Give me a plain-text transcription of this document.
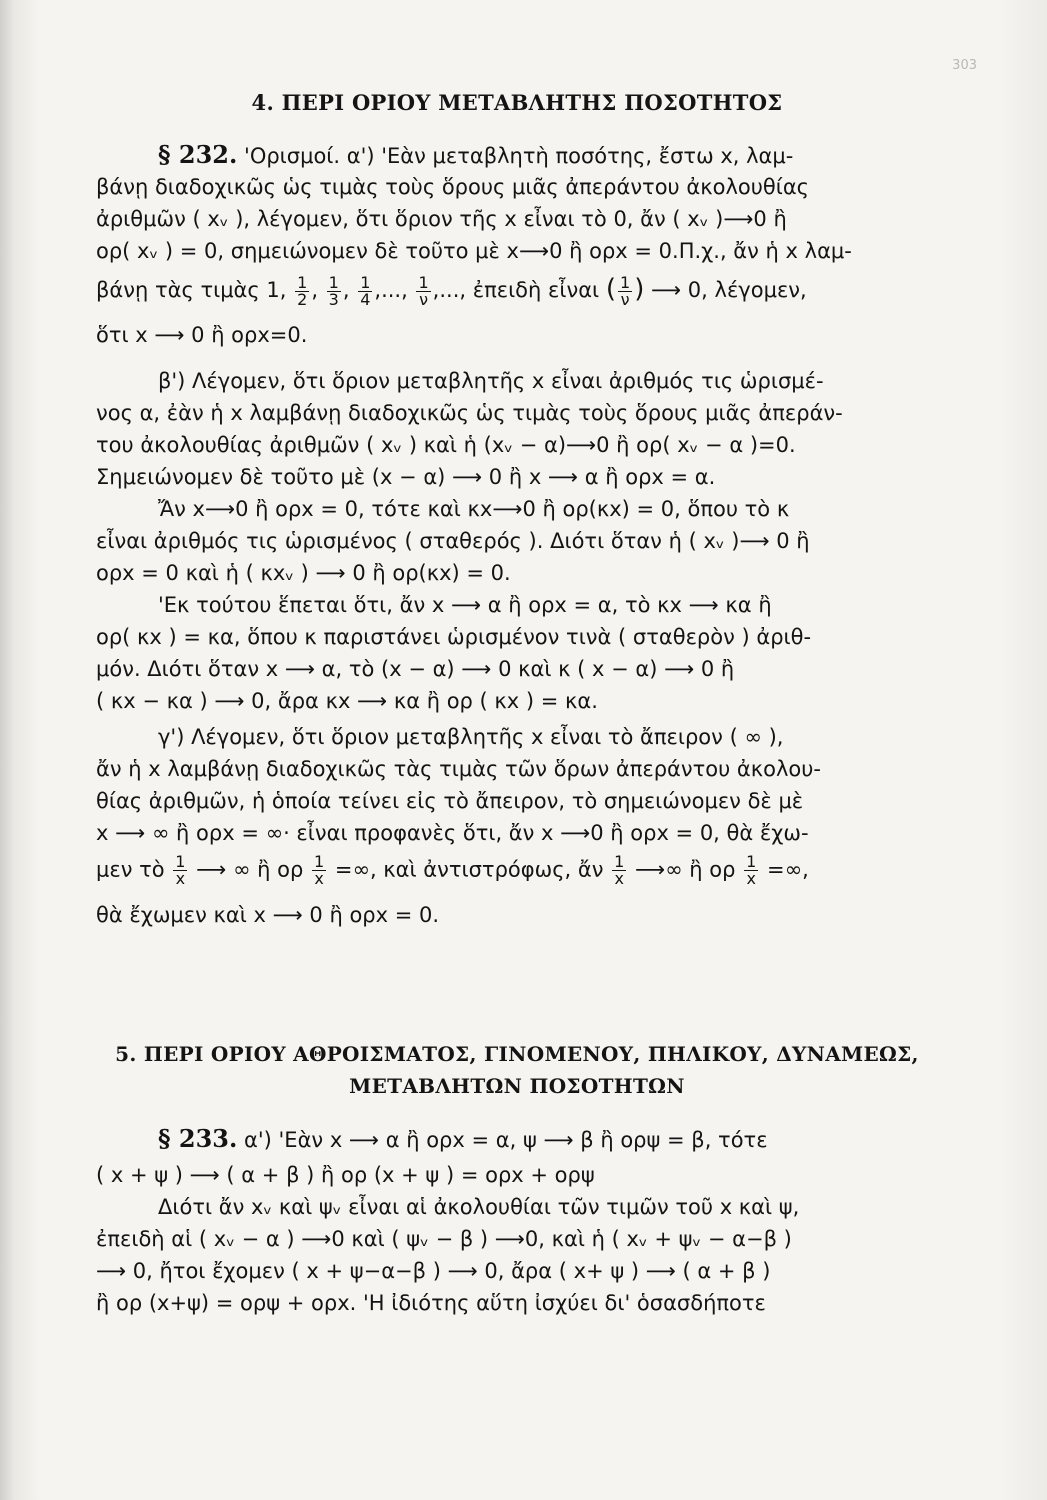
303
4. ΠΕΡΙ ΟΡΙΟΥ ΜΕΤΑΒΛΗΤΗΣ ΠΟΣΟΤΗΤΟΣ
§ 232. 'Ορισμοί. α') 'Εὰν μεταβλητὴ ποσότης, ἔστω x, λαμ-
βάνῃ διαδοχικῶς ὡς τιμὰς τοὺς ὅρους μιᾶς ἀπεράντου ἀκολουθίας
ἀριθμῶν ( xᵥ ), λέγομεν, ὅτι ὅριον τῆς x εἶναι τὸ 0, ἄν ( xᵥ )⟶0 ἢ
ορ( xᵥ ) = 0, σημειώνομεν δὲ τοῦτο μὲ x⟶0 ἢ ορx = 0.Π.χ., ἄν ἡ x λαμ-
βάνῃ τὰς τιμὰς 1, $\frac{1}{2}$ , $\frac{1}{3}$ , $\frac{1}{4}$ ,..., $\frac{1}{\nu}$ ,..., ἐπειδὴ εἶναι ( $\frac{1}{\nu}$ ) ⟶ 0, λέγομεν,
ὅτι x ⟶ 0 ἢ ορx=0.
β') Λέγομεν, ὅτι ὅριον μεταβλητῆς x εἶναι ἀριθμός τις ὡρισμέ-
νος α, ἐὰν ἡ x λαμβάνῃ διαδοχικῶς ὡς τιμὰς τοὺς ὅρους μιᾶς ἀπεράν-
του ἀκολουθίας ἀριθμῶν ( xᵥ ) καὶ ἡ (xᵥ − α)⟶0 ἢ ορ( xᵥ − α )=0.
Σημειώνομεν δὲ τοῦτο μὲ (x − α) ⟶ 0 ἢ x ⟶ α ἢ ορx = α.
Ἄν x⟶0 ἢ ορx = 0, τότε καὶ κx⟶0 ἢ ορ(κx) = 0, ὅπου τὸ κ
εἶναι ἀριθμός τις ὡρισμένος ( σταθερός ). Διότι ὅταν ἡ ( xᵥ )⟶ 0 ἢ
ορx = 0 καὶ ἡ ( κxᵥ ) ⟶ 0 ἢ ορ(κx) = 0.
'Εκ τούτου ἕπεται ὅτι, ἄν x ⟶ α ἢ ορx = α, τὸ κx ⟶ κα ἢ
ορ( κx ) = κα, ὅπου κ παριστάνει ὡρισμένον τινὰ ( σταθερὸν ) ἀριθ-
μόν. Διότι ὅταν x ⟶ α, τὸ (x − α) ⟶ 0 καὶ κ ( x − α) ⟶ 0 ἢ
( κx − κα ) ⟶ 0, ἄρα κx ⟶ κα ἢ ορ ( κx ) = κα.
γ') Λέγομεν, ὅτι ὅριον μεταβλητῆς x εἶναι τὸ ἄπειρον ( ∞ ),
ἄν ἡ x λαμβάνῃ διαδοχικῶς τὰς τιμὰς τῶν ὅρων ἀπεράντου ἀκολου-
θίας ἀριθμῶν, ἡ ὁποία τείνει εἰς τὸ ἄπειρον, τὸ σημειώνομεν δὲ μὲ
x ⟶ ∞ ἢ ορx = ∞· εἶναι προφανὲς ὅτι, ἄν x ⟶0 ἢ ορx = 0, θὰ ἔχω-
μεν τὸ $\frac{1}{x}$ ⟶ ∞ ἢ ορ $\frac{1}{x}$ =∞, καὶ ἀντιστρόφως, ἄν $\frac{1}{x}$ ⟶∞ ἢ ορ $\frac{1}{x}$ =∞,
θὰ ἔχωμεν καὶ x ⟶ 0 ἢ ορx = 0.
5. ΠΕΡΙ ΟΡΙΟΥ ΑΘΡΟΙΣΜΑΤΟΣ, ΓΙΝΟΜΕΝΟΥ, ΠΗΛΙΚΟΥ, ΔΥΝΑΜΕΩΣ,
ΜΕΤΑΒΛΗΤΩΝ ΠΟΣΟΤΗΤΩΝ
§ 233. α') 'Εὰν x ⟶ α ἢ ορx = α, ψ ⟶ β ἢ ορψ = β, τότε
( x + ψ ) ⟶ ( α + β ) ἢ ορ (x + ψ ) = ορx + ορψ
Διότι ἄν xᵥ καὶ ψᵥ εἶναι αἱ ἀκολουθίαι τῶν τιμῶν τοῦ x καὶ ψ,
ἐπειδὴ αἱ ( xᵥ − α ) ⟶0 καὶ ( ψᵥ − β ) ⟶0, καὶ ἡ ( xᵥ + ψᵥ − α−β )
⟶ 0, ἤτοι ἔχομεν ( x + ψ−α−β ) ⟶ 0, ἄρα ( x+ ψ ) ⟶ ( α + β )
ἢ ορ (x+ψ) = ορψ + ορx. 'Η ἰδιότης αὕτη ἰσχύει δι' ὁσασδήποτε
